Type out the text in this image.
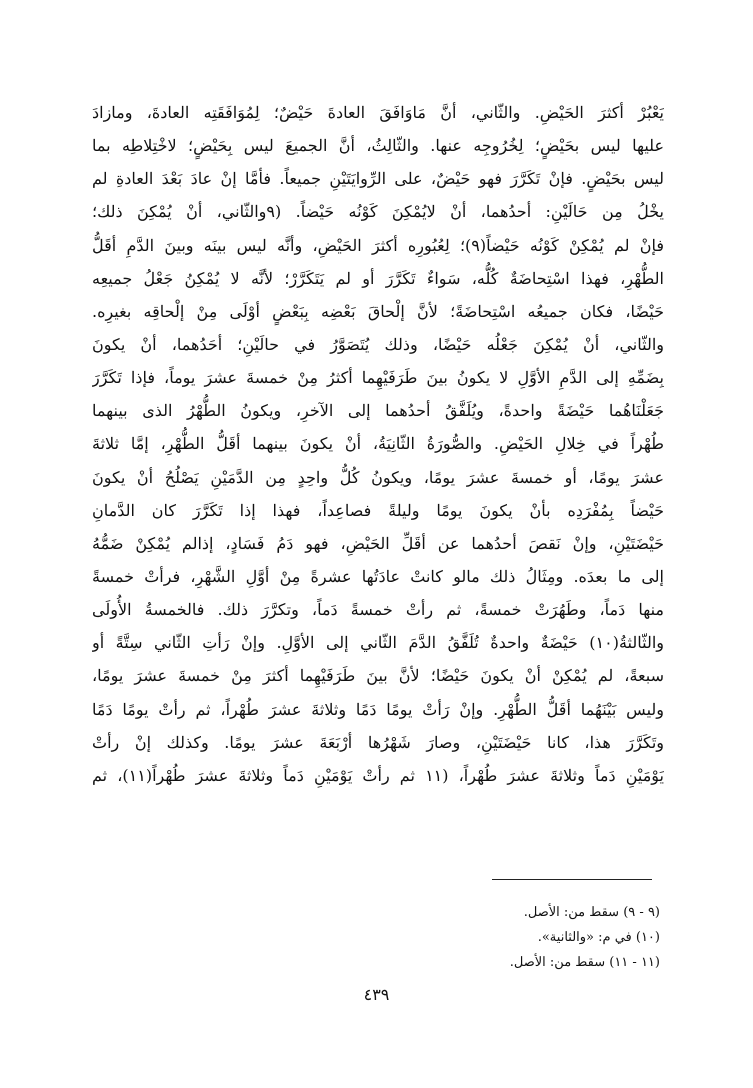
يَعْبُرْ أكثرَ الحَيْضِ. والثّاني، أنَّ مَاوَافَقَ العادةَ حَيْضٌ؛ لِمُوَافَقَتِه العادةَ، ومازادَ
عليها ليس بحَيْضٍ؛ لِخُرُوجِه عنها. والثّالِثُ، أنَّ الجميعَ ليس بِحَيْضٍ؛ لاخْتِلاطِه بما
ليس بحَيْضٍ. فإنْ تَكَرَّرَ فهو حَيْضٌ، على الرِّوايَتَيْنِ جميعاً. فأمَّا إنْ عادَ بَعْدَ العادةِ لم
يخْلُ مِن حَالَيْنِ: أحدُهما، أنْ لايُمْكِنَ كَوْنُه حَيْضاً. (٩والثّاني، أنْ يُمْكِنَ ذلك؛
فإنْ لم يُمْكِنْ كَوْنُه حَيْضاً(٩)؛ لِعُبُورِه أكثرَ الحَيْضِ، وأنَّه ليس بينَه وبينَ الدَّمِ أقَلُّ
الطُّهْرِ، فهذا اسْتِحاضَةٌ كُلُّه، سَواءٌ تَكَرَّرَ أو لم يَتَكَرَّرْ؛ لأنَّه لا يُمْكِنُ جَعْلُ جميعِه
حَيْضًا، فكان جميعُه اسْتِحاضَةً؛ لأنَّ إلْحاقَ بَعْضِه بِبَعْضٍ أوْلَى مِنْ إلْحاقِه بغيرِه.
والثّاني، أنْ يُمْكِنَ جَعْلُه حَيْضًا، وذلك يُتَصَوَّرُ في حالَيْنِ؛ أحَدُهما، أنْ يكونَ
بِضَمِّهِ إلى الدَّمِ الأوَّلِ لا يكونُ بينَ طَرَفَيْهِما أكثرُ مِنْ خمسةَ عشرَ يوماً، فإذا تَكَرَّرَ
جَعَلْنَاهُما حَيْضَةً واحدةً، ويُلَفَّقُ أحدُهما إلى الآخرِ، ويكونُ الطُّهْرُ الذى بينهما
طُهْراً في خِلالِ الحَيْضِ. والصُّورَةُ الثّانِيَةُ، أنْ يكونَ بينهما أقَلُّ الطُّهْرِ، إمَّا ثلاثةَ
عشرَ يومًا، أو خمسةَ عشرَ يومًا، ويكونُ كُلُّ واحِدٍ مِن الدَّمَيْنِ يَصْلُحُ أنْ يكونَ
حَيْضاً بِمُفْرَدِه بأنْ يكونَ يومًا وليلةً فصاعِداً، فهذا إذا تَكَرَّرَ كان الدَّمانِ
حَيْضَتَيْنِ، وإنْ نَقصَ أحدُهما عن أقَلِّ الحَيْضِ، فهو دَمُ فَسَادٍ، إذالم يُمْكِنْ ضَمُّهُ
إلى ما بعدَه. ومِثَالُ ذلك مالو كانتْ عادَتُها عشرةً مِنْ أوَّلِ الشَّهْرِ، فرأتْ خمسةً
منها دَماً، وطَهُرَتْ خمسةً، ثم رأتْ خمسةً دَماً، وتكرَّرَ ذلك. فالخمسةُ الأُولَى
والثّالثةُ(١٠) حَيْضَةٌ واحدةٌ تُلَفَّقُ الدَّمَ الثّاني إلى الأوَّلِ. وإنْ رَأتِ الثّاني سِتَّةً أو
سبعةً، لم يُمْكِنْ أنْ يكونَ حَيْضًا؛ لأنَّ بينَ طَرَفَيْهِما أكثرَ مِنْ خمسةَ عشرَ يومًا،
وليس بَيْنَهُما أقَلُّ الطُّهْرِ. وإنْ رَأتْ يومًا دَمًا وثلاثةَ عشرَ طُهْراً، ثم رأتْ يومًا دَمًا
وتَكَرَّرَ هذا، كانا حَيْضَتَيْنِ، وصارَ شَهْرُها أرْبَعَةَ عشرَ يومًا. وكذلك إنْ رأتْ
يَوْمَيْنِ دَماً وثلاثةَ عشرَ طُهْراً، (١١ ثم رأتْ يَوْمَيْنِ دَماً وثلاثةَ عشرَ طُهْراً(١١)، ثم
(٩ - ٩) سقط من: الأصل.
(١٠) في م: «والثانية».
(١١ - ١١) سقط من: الأصل.
٤٣٩
